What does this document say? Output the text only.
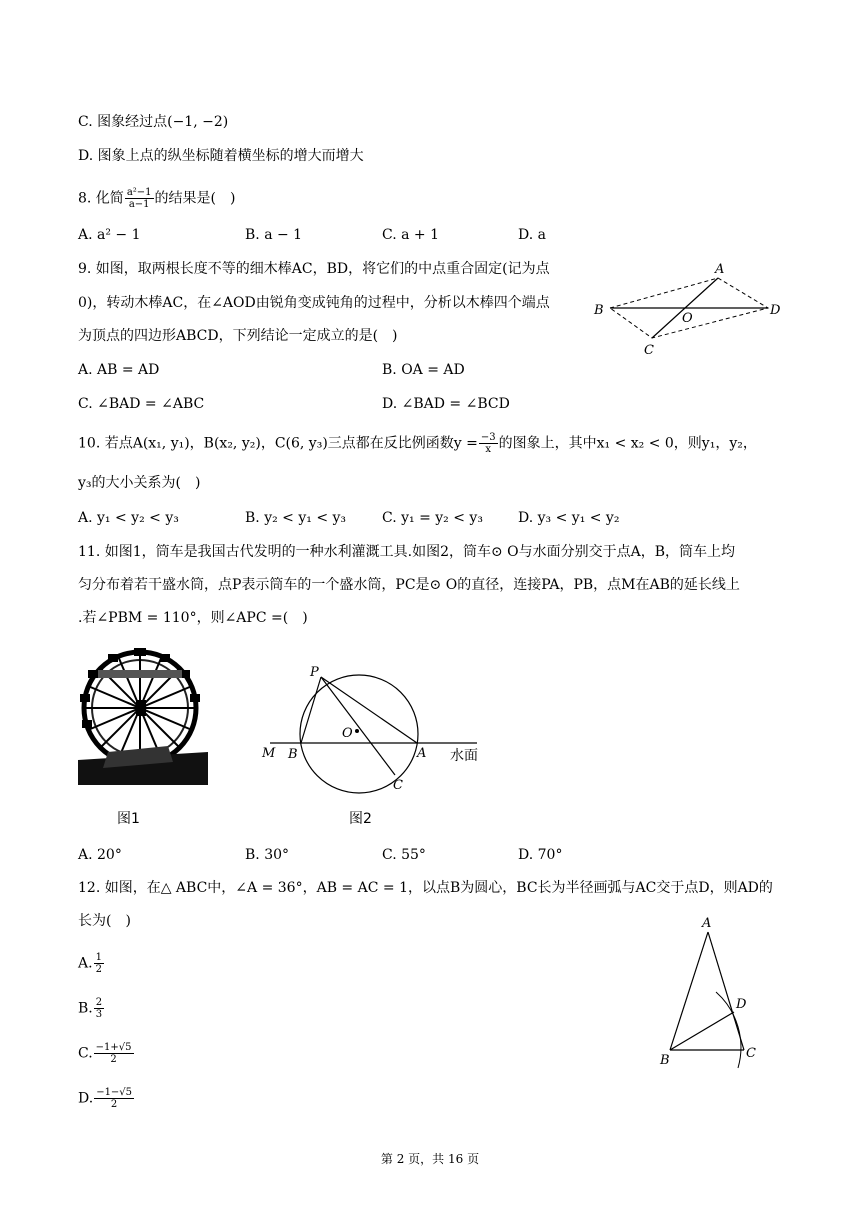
C. 图象经过点(−1, −2)
D. 图象上点的纵坐标随着横坐标的增大而增大
8. 化简 $\frac{\text{a²−1}}{a-1}$ 的结果是(　)
A. a² − 1	B. a − 1	C. a + 1	D. a
9. 如图，取两根长度不等的细木棒AC，BD，将它们的中点重合固定(记为点
0)，转动木棒AC，在∠AOD由锐角变成钝角的过程中，分析以木棒四个端点
为顶点的四边形ABCD，下列结论一定成立的是(　)
A
B
C
D
O
A. AB = AD	B. OA = AD
C. ∠BAD = ∠ABC	D. ∠BAD = ∠BCD
10. 若点A(x₁, y₁)，B(x₂, y₂)，C(6, y₃)三点都在反比例函数$y = \frac{-3}{x}$ 的图象上，其中x₁ < x₂ < 0，则y₁，y₂，
y₃的大小关系为(　)
A. y₁ < y₂ < y₃	B. y₂ < y₁ < y₃	C. y₁ = y₂ < y₃	D. y₃ < y₁ < y₂
11. 如图1，筒车是我国古代发明的一种水利灌溉工具.如图2，筒车⊙ O与水面分别交于点A，B，筒车上均
匀分布着若干盛水筒，点P表示筒车的一个盛水筒，PC是⊙ O的直径，连接PA，PB，点M在AB的延长线上
.若∠PBM = 110°，则∠APC =(　)
图1
P
O
M B	A
C
水面
图2
A. 20°	B. 30°	C. 55°	D. 70°
12. 如图，在△ ABC中，∠A = 36°，AB = AC = 1，以点B为圆心，BC长为半径画弧与AC交于点D，则AD的
长为(　)
A. $\frac{1}{2}$
B. $\frac{2}{3}$
C. $\frac{-1+√5}{2}$
D. $\frac{-1-√5}{2}$
A
B	C
D
第 2 页，共 16 页
